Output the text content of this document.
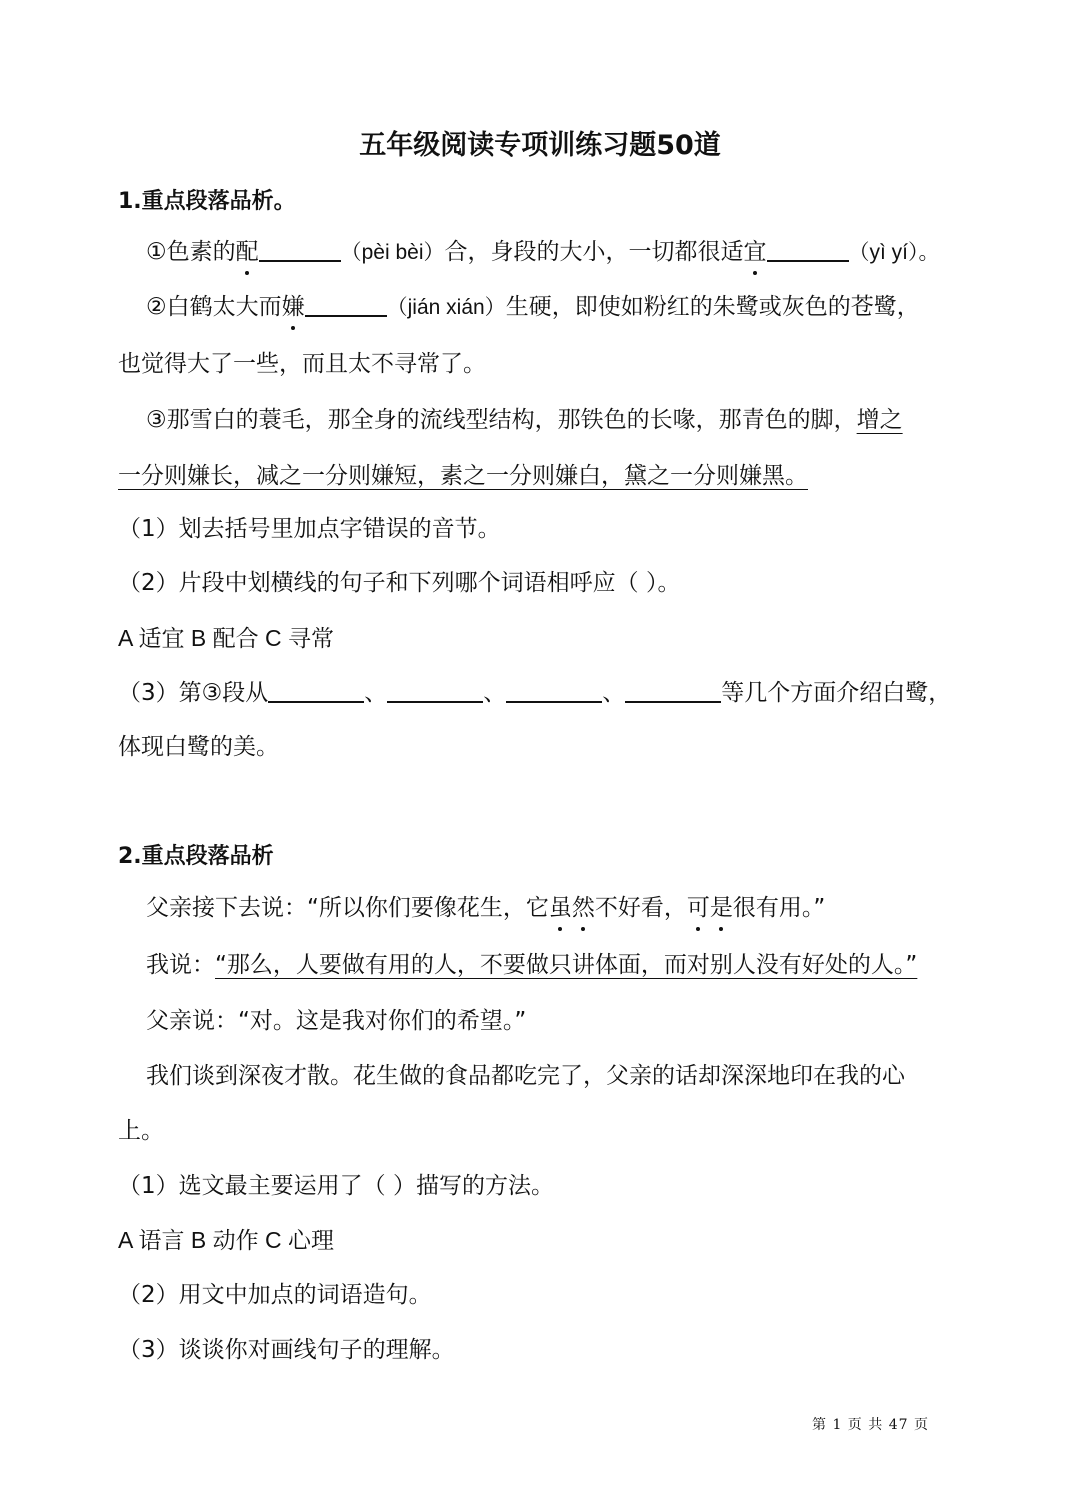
五年级阅读专项训练习题50道
1.重点段落品析。
①色素的配	（pèi bèi）合，身段的大小，一切都很适宜	（yì yí）。
②白鹤太大而嫌	（jián xián）生硬，即使如粉红的朱鹭或灰色的苍鹭，
也觉得大了一些，而且太不寻常了。
③那雪白的蓑毛，那全身的流线型结构，那铁色的长喙，那青色的脚，增之
一分则嫌长，减之一分则嫌短，素之一分则嫌白，黛之一分则嫌黑。
（1）划去括号里加点字错误的音节。
（2）片段中划横线的句子和下列哪个词语相呼应（ ）。
A 适宜 B 配合 C 寻常
（3）第③段从	、	、	、	等几个方面介绍白鹭，
体现白鹭的美。
2.重点段落品析
父亲接下去说：“所以你们要像花生，它虽然不好看，可是很有用。”
我说：“那么，人要做有用的人，不要做只讲体面，而对别人没有好处的人。”
父亲说：“对。这是我对你们的希望。”
我们谈到深夜才散。花生做的食品都吃完了，父亲的话却深深地印在我的心
上。
（1）选文最主要运用了（ ）描写的方法。
A 语言 B 动作 C 心理
（2）用文中加点的词语造句。
（3）谈谈你对画线句子的理解。
第 1 页 共 47 页
